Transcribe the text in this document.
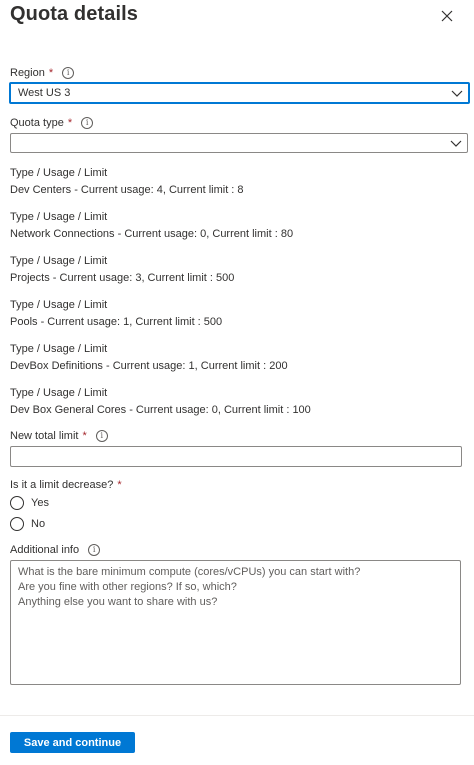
Quota details
Region *	i
West US 3
Quota type *	i
Type / Usage / Limit
Dev Centers - Current usage: 4, Current limit : 8
Type / Usage / Limit
Network Connections - Current usage: 0, Current limit : 80
Type / Usage / Limit
Projects - Current usage: 3, Current limit : 500
Type / Usage / Limit
Pools - Current usage: 1, Current limit : 500
Type / Usage / Limit
DevBox Definitions - Current usage: 1, Current limit : 200
Type / Usage / Limit
Dev Box General Cores - Current usage: 0, Current limit : 100
New total limit *	i
Is it a limit decrease? *
Yes
No
Additional info	i
What is the bare minimum compute (cores/vCPUs) you can start with?
Are you fine with other regions? If so, which?
Anything else you want to share with us?
Save and continue
